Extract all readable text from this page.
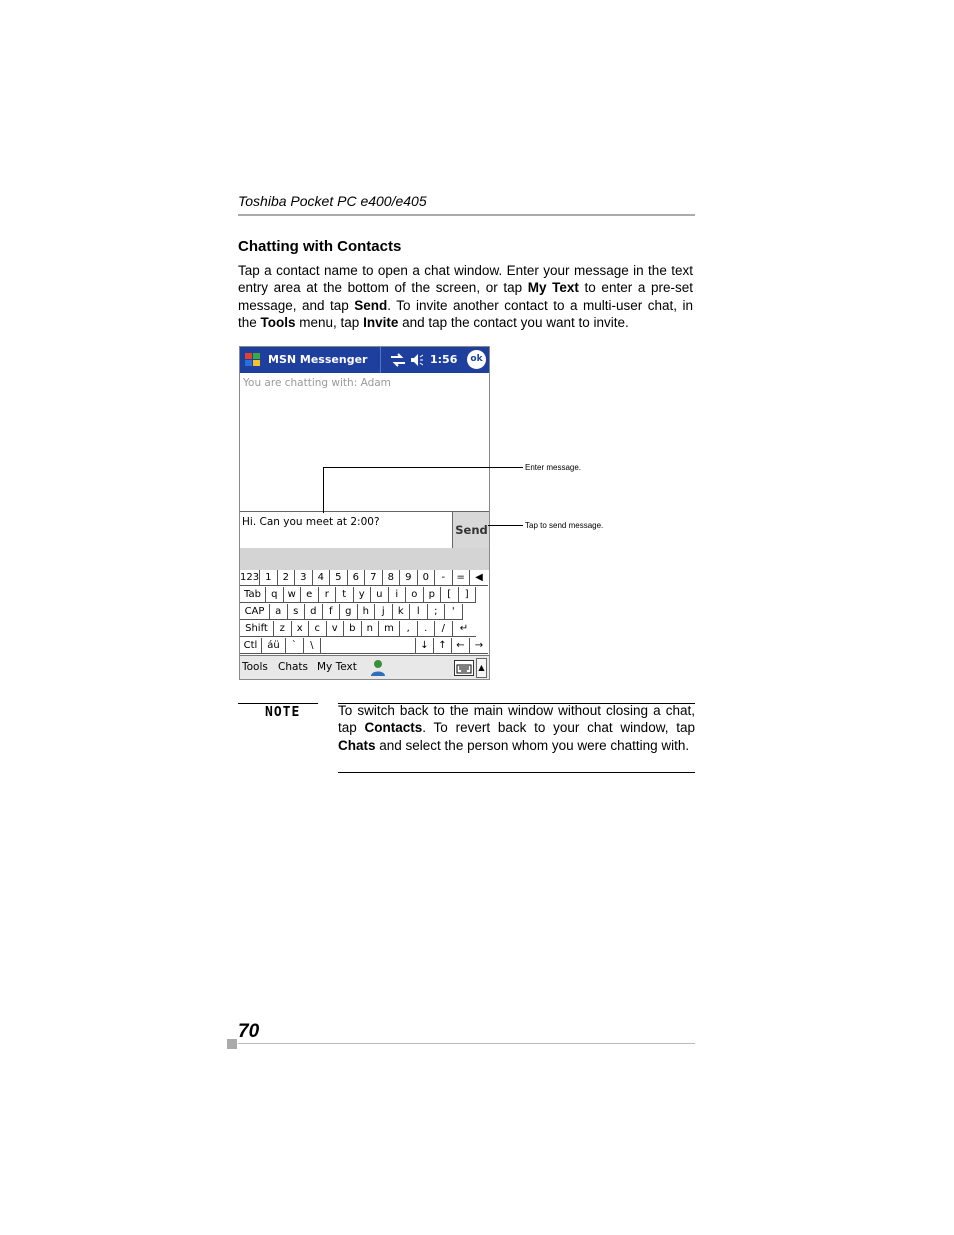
Toshiba Pocket PC e400/e405
Chatting with Contacts
Tap a contact name to open a chat window. Enter your message in the text entry area at the bottom of the screen, or tap My Text to enter a pre-set message, and tap Send. To invite another contact to a multi-user chat, in the Tools menu, tap Invite and tap the contact you want to invite.
MSN Messenger	1:56	ok
You are chatting with: Adam
Hi. Can you meet at 2:00?
Send
123 1	2	3	4	5	6	7	8	9	0	-	=	◀
Tab	q	w	e	r	t	y	u	i	o	p	[	]
CAP	a	s	d	f	g	h	j	k	l	;	'
Shift	z	x	c	v	b	n	m	,	.	/	↵
Ctl áü	`	\	↓ ↑ ←	→
Tools Chats My Text	▲
Enter message.
Tap to send message.
NOTE	To switch back to the main window without closing a chat, tap Contacts. To revert back to your chat window, tap Chats and select the person whom you were chatting with.
70
